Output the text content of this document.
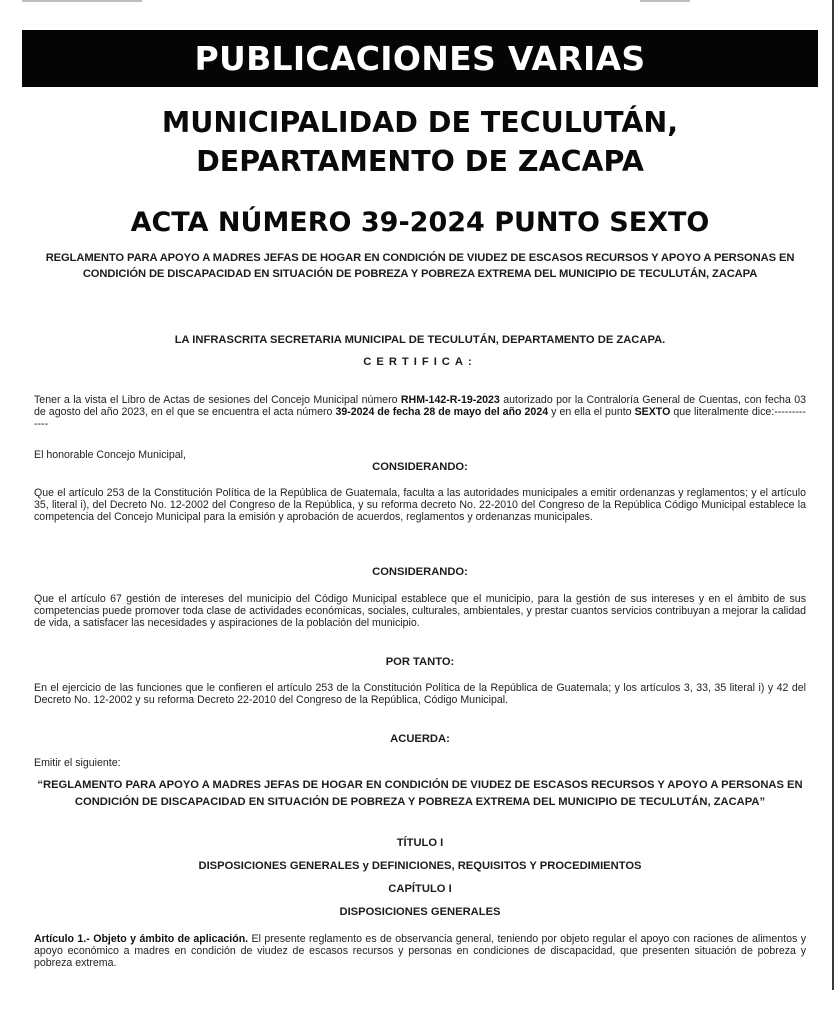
PUBLICACIONES VARIAS
MUNICIPALIDAD DE TECULUTÁN,
DEPARTAMENTO DE ZACAPA
ACTA NÚMERO 39-2024 PUNTO SEXTO
REGLAMENTO PARA APOYO A MADRES JEFAS DE HOGAR EN CONDICIÓN DE VIUDEZ DE ESCASOS RECURSOS Y APOYO A PERSONAS EN CONDICIÓN DE DISCAPACIDAD EN SITUACIÓN DE POBREZA Y POBREZA EXTREMA DEL MUNICIPIO DE TECULUTÁN, ZACAPA
LA INFRASCRITA SECRETARIA MUNICIPAL DE TECULUTÁN, DEPARTAMENTO DE ZACAPA.
CERTIFICA:
Tener a la vista el Libro de Actas de sesiones del Concejo Municipal número RHM-142-R-19-2023 autorizado por la Contraloría General de Cuentas, con fecha 03 de agosto del año 2023, en el que se encuentra el acta número 39-2024 de fecha 28 de mayo del año 2024 y en ella el punto SEXTO que literalmente dice:-------------
El honorable Concejo Municipal,
CONSIDERANDO:
Que el artículo 253 de la Constitución Política de la República de Guatemala, faculta a las autoridades municipales a emitir ordenanzas y reglamentos; y el artículo 35, literal i), del Decreto No. 12-2002 del Congreso de la República, y su reforma decreto No. 22-2010 del Congreso de la República Código Municipal establece la competencia del Concejo Municipal para la emisión y aprobación de acuerdos, reglamentos y ordenanzas municipales.
CONSIDERANDO:
Que el artículo 67 gestión de intereses del municipio del Código Municipal establece que el municipio, para la gestión de sus intereses y en el ámbito de sus competencias puede promover toda clase de actividades económicas, sociales, culturales, ambientales, y prestar cuantos servicios contribuyan a mejorar la calidad de vida, a satisfacer las necesidades y aspiraciones de la población del municipio.
POR TANTO:
En el ejercicio de las funciones que le confieren el artículo 253 de la Constitución Política de la República de Guatemala; y los artículos 3, 33, 35 literal i) y 42 del Decreto No. 12-2002 y su reforma Decreto 22-2010 del Congreso de la República, Código Municipal.
ACUERDA:
Emitir el siguiente:
“REGLAMENTO PARA APOYO A MADRES JEFAS DE HOGAR EN CONDICIÓN DE VIUDEZ DE ESCASOS RECURSOS Y APOYO A PERSONAS EN CONDICIÓN DE DISCAPACIDAD EN SITUACIÓN DE POBREZA Y POBREZA EXTREMA DEL MUNICIPIO DE TECULUTÁN, ZACAPA”
TÍTULO I
DISPOSICIONES GENERALES y DEFINICIONES, REQUISITOS Y PROCEDIMIENTOS
CAPÍTULO I
DISPOSICIONES GENERALES
Artículo 1.- Objeto y ámbito de aplicación. El presente reglamento es de observancia general, teniendo por objeto regular el apoyo con raciones de alimentos y apoyo económico a madres en condición de viudez de escasos recursos y personas en condiciones de discapacidad, que presenten situación de pobreza y pobreza extrema.
